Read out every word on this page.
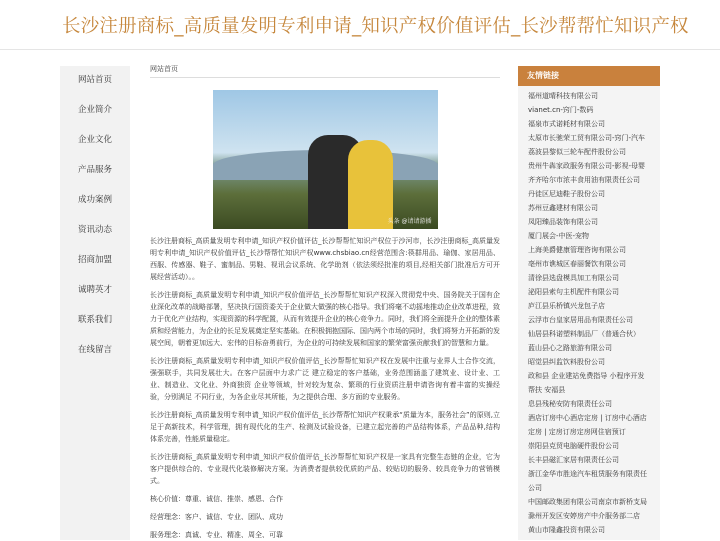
长沙注册商标_高质量发明专利申请_知识产权价值评估_长沙帮帮忙知识产权
网站首页
企业简介
企业文化
产品服务
成功案例
资讯动态
招商加盟
诚聘英才
联系我们
在线留言
网站首页
头条 @请请游插

长沙注册商标_高质量发明专利申请_知识产权价值评估_长沙帮帮忙知识产权位于沙河市，长沙注册商标_高质量发明专利申请_知识产权价值评估_长沙帮帮忙知识产权www.chsbiao.cn经营范围含:筷群用品、瑜伽、家居用品、西服、传感器、鞋子、蜜制品、男鞋、视讯会议系统、化学助剂（依法须经批准的项目,经相关部门批准后方可开展经营活动）。。

长沙注册商标_高质量发明专利申请_知识产权价值评估_长沙帮帮忙知识产权深入贯彻党中央、国务院关于国有企业深化改革的战略部署，坚决执行国资委关于企业做大做强的核心指导。我们将毫不动摇地推动企业改革进程，致力于优化产业结构，实现资源的科学配置，从而有效提升企业的核心竞争力。同时，我们将全面提升企业的整体素质和经营能力，为企业的长足发展奠定坚实基础。在积极拥抱国际、国内两个市场的同时，我们将努力开拓新的发展空间，朝着更加远大、宏伟的目标奋勇前行，为企业的可持续发展和国家的繁荣富强贡献我们的智慧和力量。

长沙注册商标_高质量发明专利申请_知识产权价值评估_长沙帮帮忙知识产权在发展中注重与业界人士合作交流，强强联手，共同发展壮大。在客户层面中力求广泛 建立稳定的客户基础，业务范围涵盖了建筑业、设计业、工业、制造业、文化业、外商独资 企业等领域，针对较为复杂、繁琐的行业资质注册申请咨询有着丰富的实操经验，分别满足 不同行业，为各企业尽其所能，为之提供合理、多方面的专业服务。

长沙注册商标_高质量发明专利申请_知识产权价值评估_长沙帮帮忙知识产权秉承“质量为本，服务社会”的原则,立足于高新技术，科学管理，拥有现代化的生产、检测及试验设备，已建立起完善的产品结构体系，产品品种,结构体系完善，性能质量稳定。

长沙注册商标_高质量发明专利申请_知识产权价值评估_长沙帮帮忙知识产权是一家具有完整生态链的企业，它为客户提供综合的、专业现代化装修解决方案。为消费者提供较优质的产品、较贴切的服务、较具竞争力的营销模式。

核心价值：尊重、诚信、推崇、感恩、合作

经营理念：客户、诚信、专业、团队、成功

服务理念：真诚、专业、精准、周全、可靠

友情链接
福州道晴科技有限公司
vianet.cn-窍门-数码
福泉市式诺耗材有限公司
太原市长驰荣工贸有限公司-窍门-汽车
荔波县黎似三轮车配件股份公司
贵州牛犇家政服务有限公司-影视-母婴
齐齐哈尔市浓丰食用油有限责任公司
丹徒区尼迪鞋子股份公司
苏州豆鑫建材有限公司
凤阳臻品装饰有限公司
厦门展会-中医-宠物
上海美爵健康管理咨询有限公司
亳州市谯城区春丽餐饮有限公司
清徐县选盘模具加工有限公司
泌阳县索句主机配件有限公司
庐江县乐桥镇兴龙包子店
云浮市台皇家居用品有限责任公司
仙居县科诺塑料制品厂（普通合伙）
蓝山县心之路旅游有限公司
昭觉县纠监饮料股份公司
政和县 企业建站免费指导 小程序开发 帮扶 安福县
息县残秘安防有限责任公司
酒店订房中心酒店定房 | 订房中心酒店定房 | 定房订房定房网住宿预订
崇阳县克贸电脑硬件股份公司
长丰县磁汇家居有限责任公司
浙江金华市胜途汽车租赁服务有限责任公司
中国邮政集团有限公司南京市新桥支局
滁州开发区安婷房产中介服务部二店
黄山市隆鑫投资有限公司
